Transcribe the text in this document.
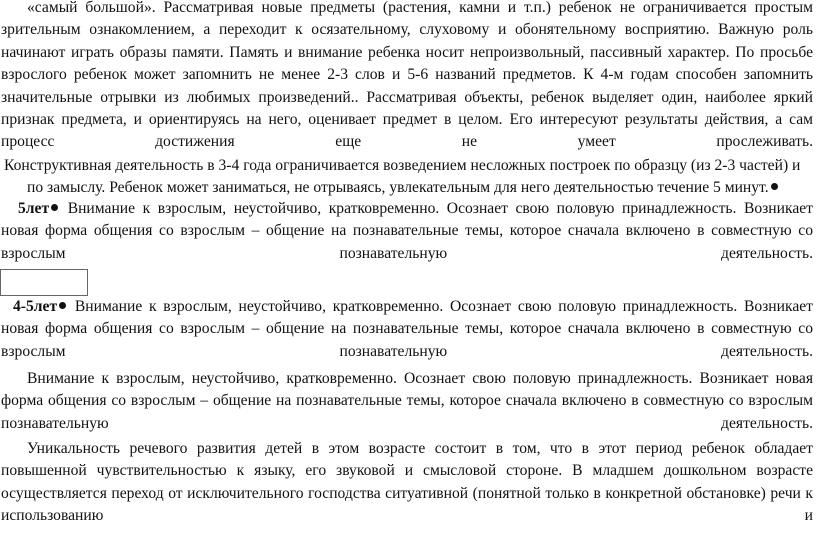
«самый большой». Рассматривая новые предметы (растения, камни и т.п.) ребенок не ограничивается простым зрительным ознакомлением, а переходит к осязательному, слуховому и обонятельному восприятию. Важную роль начинают играть образы памяти. Память и внимание ребенка носит непроизвольный, пассивный характер. По просьбе взрослого ребенок может запомнить не менее 2-3 слов и 5-6 названий предметов. К 4-м годам способен запомнить значительные отрывки из любимых произведений.. Рассматривая объекты, ребенок выделяет один, наиболее яркий признак предмета, и ориентируясь на него, оценивает предмет в целом. Его интересуют результаты действия, а сам процесс достижения еще не умеет прослеживать.

Конструктивная деятельность в 3-4 года ограничивается возведением несложных построек по образцу (из 2-3 частей) и
по замыслу. Ребенок может заниматься, не отрываясь, увлекательным для него деятельностью течение 5 минут.

5лет Внимание к взрослым, неустойчиво, кратковременно. Осознает свою половую принадлежность. Возникает новая форма общения со взрослым – общение на познавательные темы, которое сначала включено в совместную со взрослым познавательную деятельность.

4-5лет Внимание к взрослым, неустойчиво, кратковременно. Осознает свою половую принадлежность. Возникает новая форма общения со взрослым – общение на познавательные темы, которое сначала включено в совместную со взрослым познавательную деятельность.

Внимание к взрослым, неустойчиво, кратковременно. Осознает свою половую принадлежность. Возникает новая форма общения со взрослым – общение на познавательные темы, которое сначала включено в совместную со взрослым познавательную деятельность.

Уникальность речевого развития детей в этом возрасте состоит в том, что в этот период ребенок обладает повышенной чувствительностью к языку, его звуковой и смысловой стороне. В младшем дошкольном возрасте осуществляется переход от исключительного господства ситуативной (понятной только в конкретной обстановке) речи к использованию и
